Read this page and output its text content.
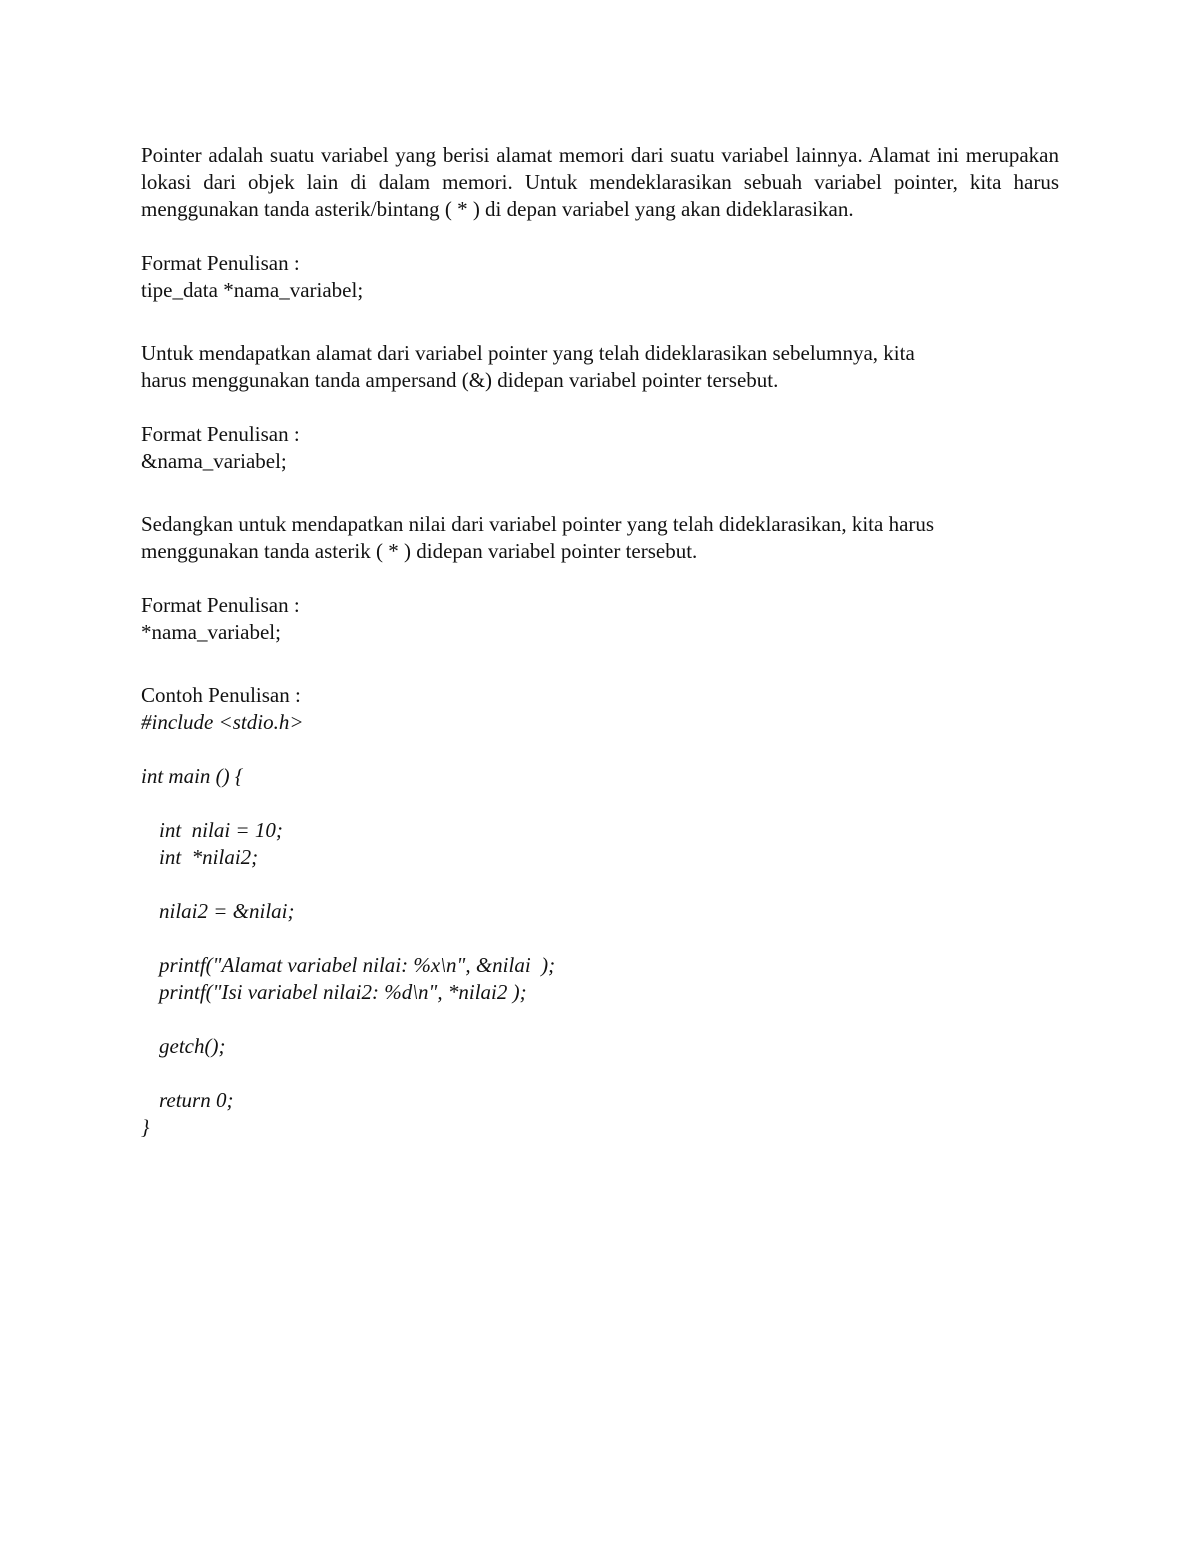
Pointer adalah suatu variabel yang berisi alamat memori dari suatu variabel lainnya. Alamat ini merupakan lokasi dari objek lain di dalam memori. Untuk mendeklarasikan sebuah variabel pointer, kita harus menggunakan tanda asterik/bintang ( * ) di depan variabel yang akan dideklarasikan.

Format Penulisan :
tipe_data *nama_variabel;
Untuk mendapatkan alamat dari variabel pointer yang telah dideklarasikan sebelumnya, kita
harus menggunakan tanda ampersand (&) didepan variabel pointer tersebut.
Format Penulisan :
&nama_variabel;
Sedangkan untuk mendapatkan nilai dari variabel pointer yang telah dideklarasikan, kita harus
menggunakan tanda asterik ( * ) didepan variabel pointer tersebut.
Format Penulisan :
*nama_variabel;
Contoh Penulisan :
#include <stdio.h>
int main () {
int  nilai = 10;
int  *nilai2;
nilai2 = &nilai;
printf("Alamat variabel nilai: %x\n", &nilai  );
printf("Isi variabel nilai2: %d\n", *nilai2 );
getch();
return 0;
}
